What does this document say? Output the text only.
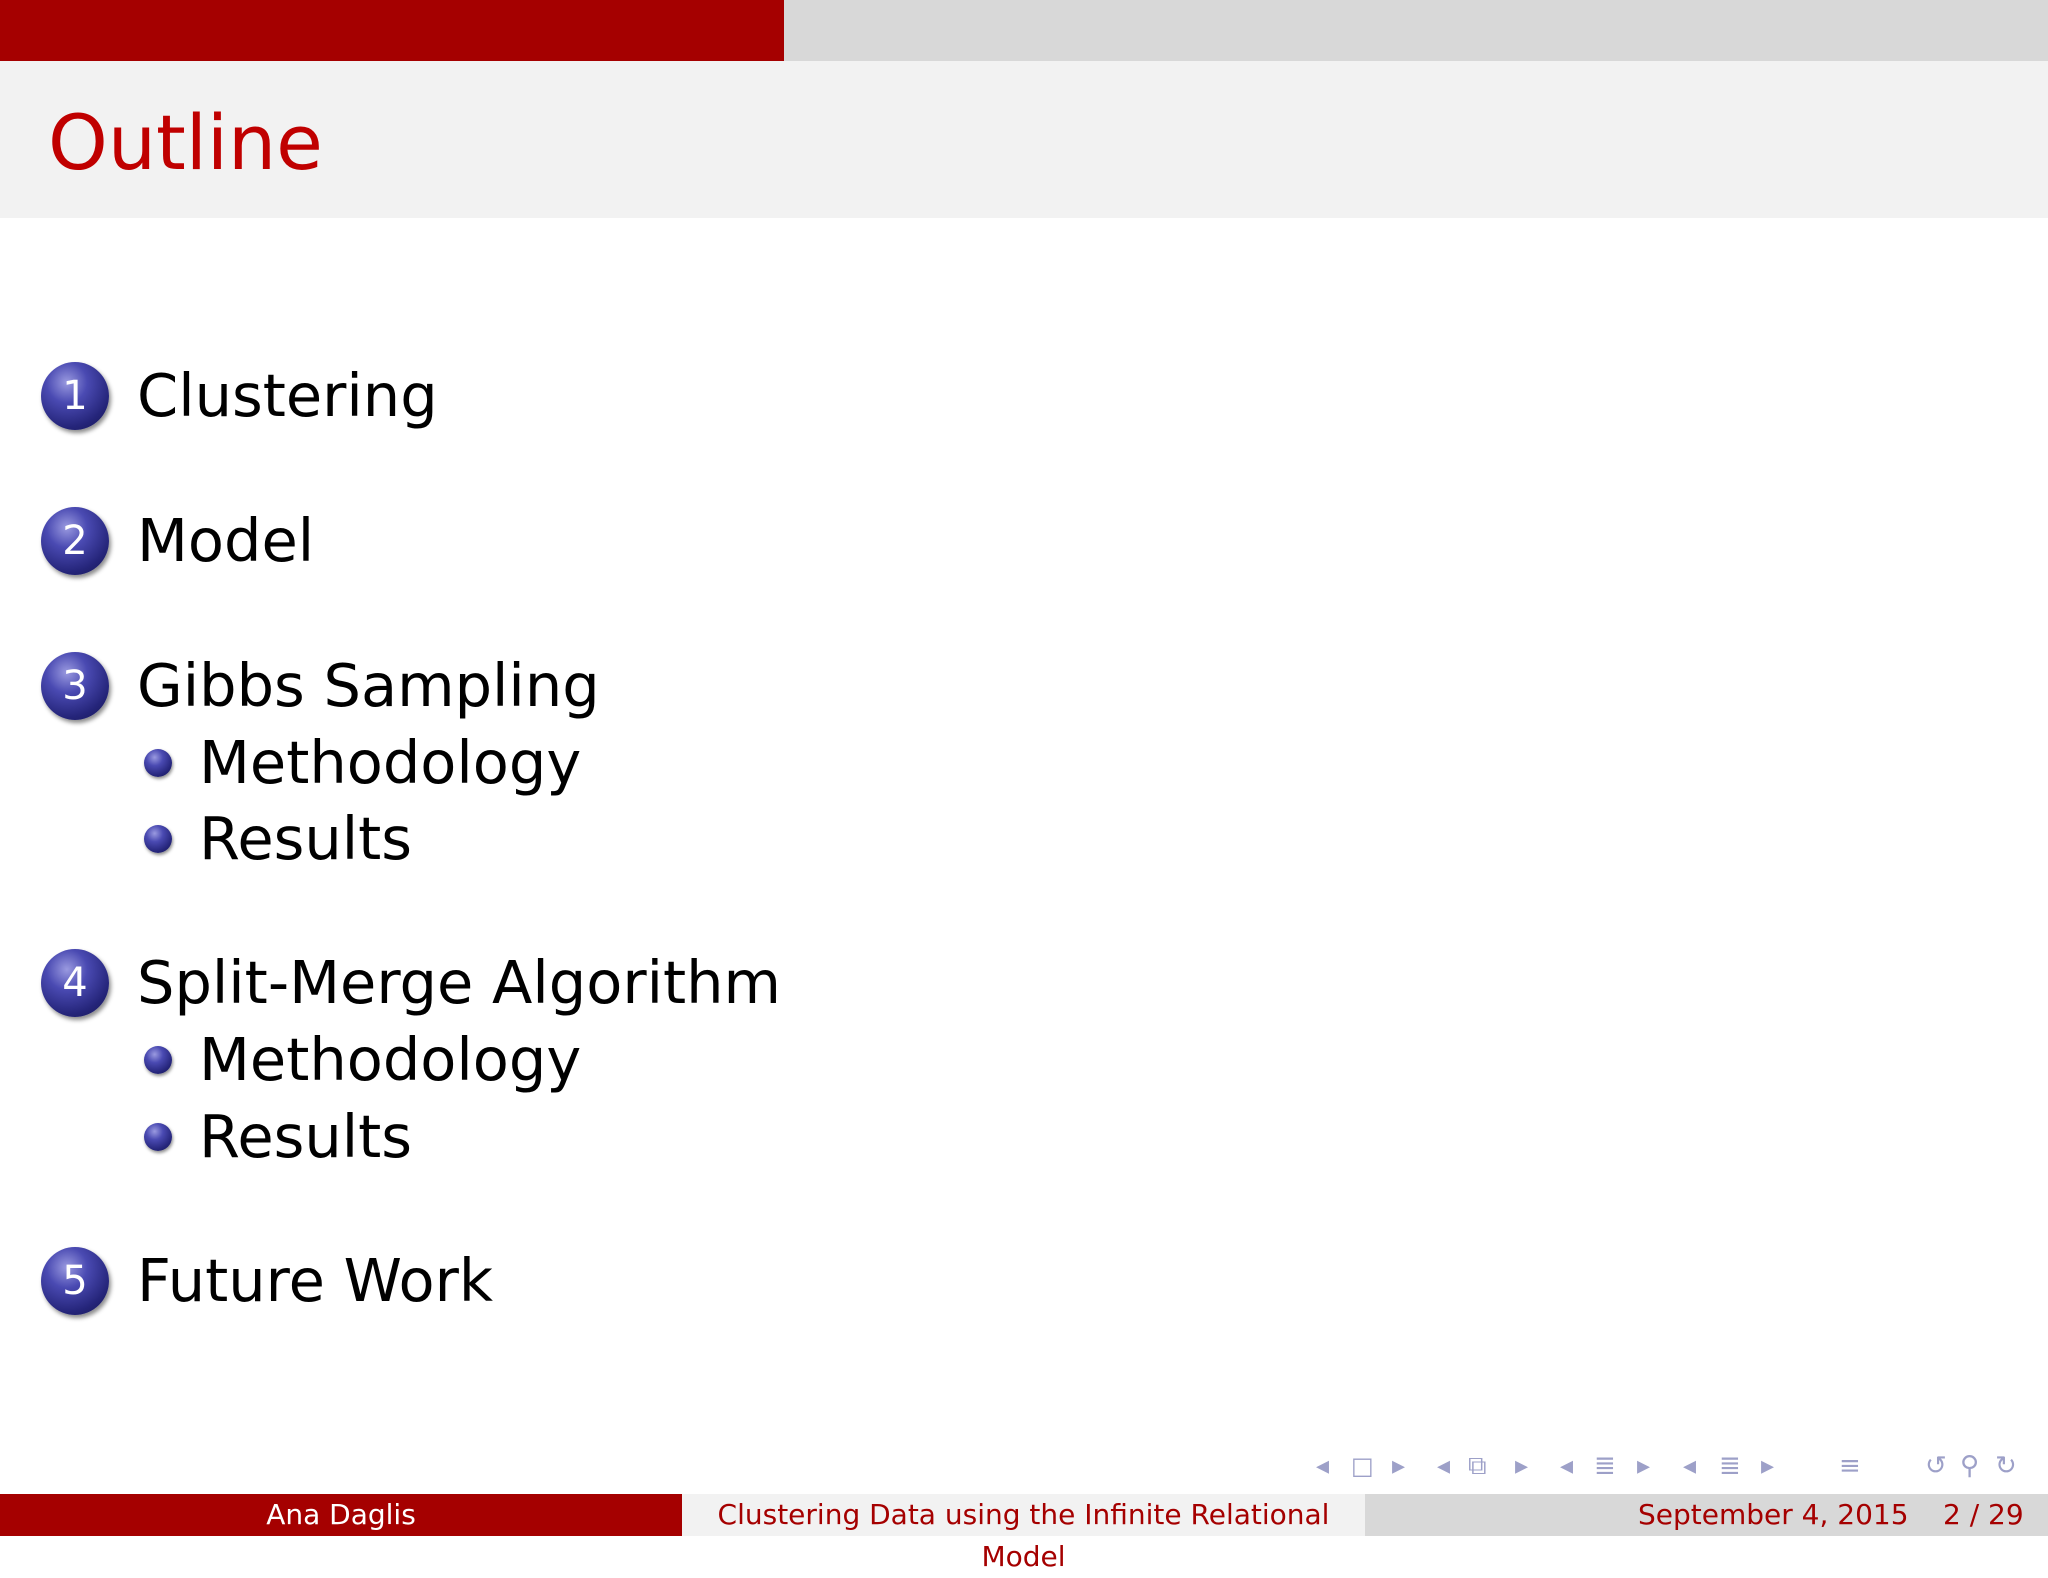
Outline
1 Clustering
2 Model
3 Gibbs Sampling
Methodology
Results
4 Split-Merge Algorithm
Methodology
Results
5 Future Work
◂ □ ▸ ◂ ⧉ ▸ ◂ ≣ ▸ ◂ ≣ ▸ ≡ ↺ ⚲ ↻
Ana Daglis	Clustering Data using the Infinite Relational Model
September 4, 2015 2 / 29
